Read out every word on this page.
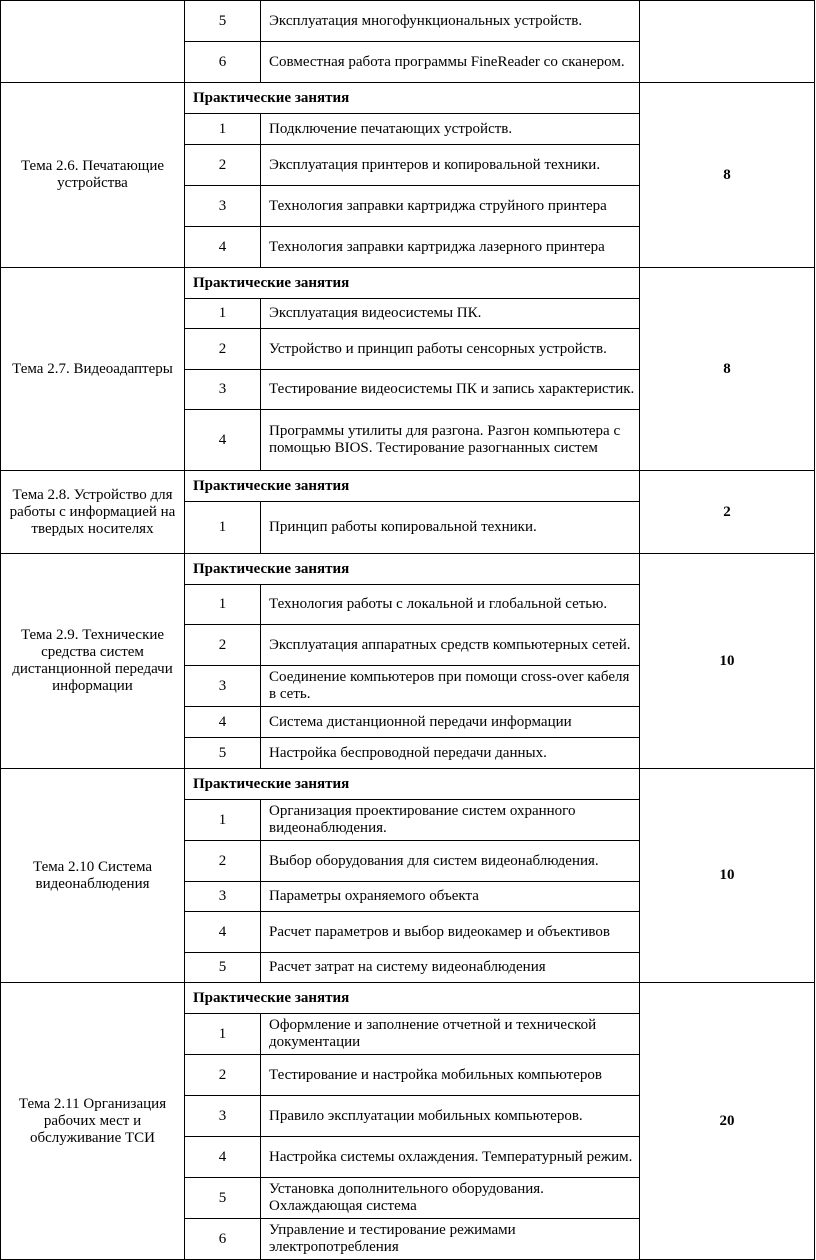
	5	Эксплуатация многофункциональных устройств.	
	6	Совместная работа программы FineReader со сканером.	
Тема 2.6. Печатающие устройства	Практические занятия		8
	1	Подключение печатающих устройств.	
	2	Эксплуатация принтеров и копировальной техники.	
	3	Технология заправки картриджа струйного принтера	
	4	Технология заправки картриджа лазерного принтера	
Тема 2.7. Видеоадаптеры	Практические занятия		8
	1	Эксплуатация видеосистемы ПК.	
	2	Устройство и принцип работы сенсорных устройств.	
	3	Тестирование видеосистемы ПК и запись характеристик.	
	4	Программы утилиты для разгона. Разгон компьютера с помощью BIOS. Тестирование разогнанных систем	
Тема 2.8. Устройство для работы с информацией на твердых носителях	Практические занятия		2
	1	Принцип работы копировальной техники.	
Тема 2.9. Технические средства систем дистанционной передачи информации	Практические занятия		10
	1	Технология работы с локальной и глобальной сетью.	
	2	Эксплуатация аппаратных средств компьютерных сетей.	
	3	Соединение компьютеров при помощи cross-over кабеля в сеть.	
	4	Система дистанционной передачи информации	
	5	Настройка беспроводной передачи данных.	
Тема 2.10 Система видеонаблюдения	Практические занятия		10
	1	Организация проектирование систем охранного видеонаблюдения.	
	2	Выбор оборудования для систем видеонаблюдения.	
	3	Параметры охраняемого объекта	
	4	Расчет параметров и выбор видеокамер и объективов	
	5	Расчет затрат на систему видеонаблюдения	
Тема 2.11 Организация рабочих мест и обслуживание ТСИ	Практические занятия		20
	1	Оформление и заполнение отчетной и технической документации	
	2	Тестирование и настройка мобильных компьютеров	
	3	Правило эксплуатации мобильных компьютеров.	
	4	Настройка системы охлаждения. Температурный режим.	
	5	Установка дополнительного оборудования. Охлаждающая система	
	6	Управление и тестирование режимами электропотребления	
